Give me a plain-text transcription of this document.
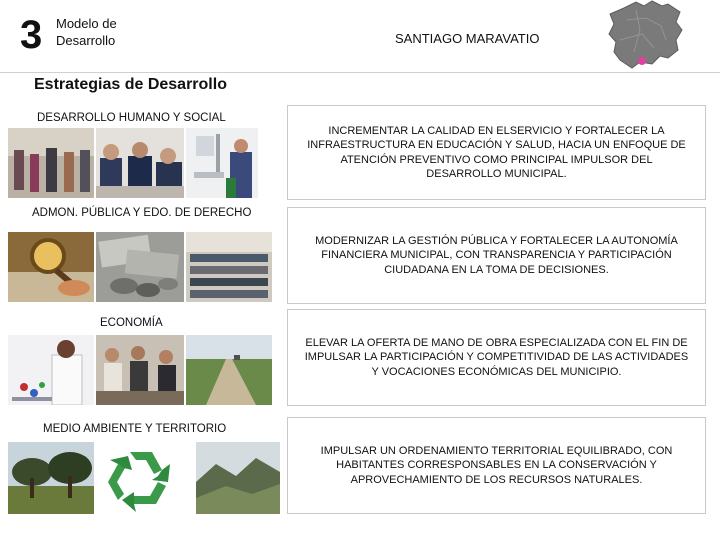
3 Modelo de
Desarrollo	SANTIAGO MARAVATIO
Estrategias de Desarrollo
DESARROLLO HUMANO Y SOCIAL
INCREMENTAR LA CALIDAD EN ELSERVICIO Y FORTALECER LA INFRAESTRUCTURA EN EDUCACIÓN Y SALUD, HACIA UN ENFOQUE DE ATENCIÓN PREVENTIVO COMO PRINCIPAL IMPULSOR DEL DESARROLLO MUNICIPAL.
ADMON. PÚBLICA Y EDO. DE DERECHO
MODERNIZAR LA GESTIÓN PÚBLICA Y FORTALECER LA AUTONOMÍA FINANCIERA MUNICIPAL, CON TRANSPARENCIA Y PARTICIPACIÓN CIUDADANA EN LA TOMA DE DECISIONES.
ECONOMÍA
ELEVAR LA OFERTA DE MANO DE OBRA ESPECIALIZADA CON EL FIN DE IMPULSAR LA PARTICIPACIÓN Y COMPETITIVIDAD DE LAS ACTIVIDADES Y VOCACIONES ECONÓMICAS DEL MUNICIPIO.
MEDIO AMBIENTE Y TERRITORIO
IMPULSAR UN ORDENAMIENTO TERRITORIAL EQUILIBRADO, CON HABITANTES CORRESPONSABLES EN LA CONSERVACIÓN Y APROVECHAMIENTO DE LOS RECURSOS NATURALES.
